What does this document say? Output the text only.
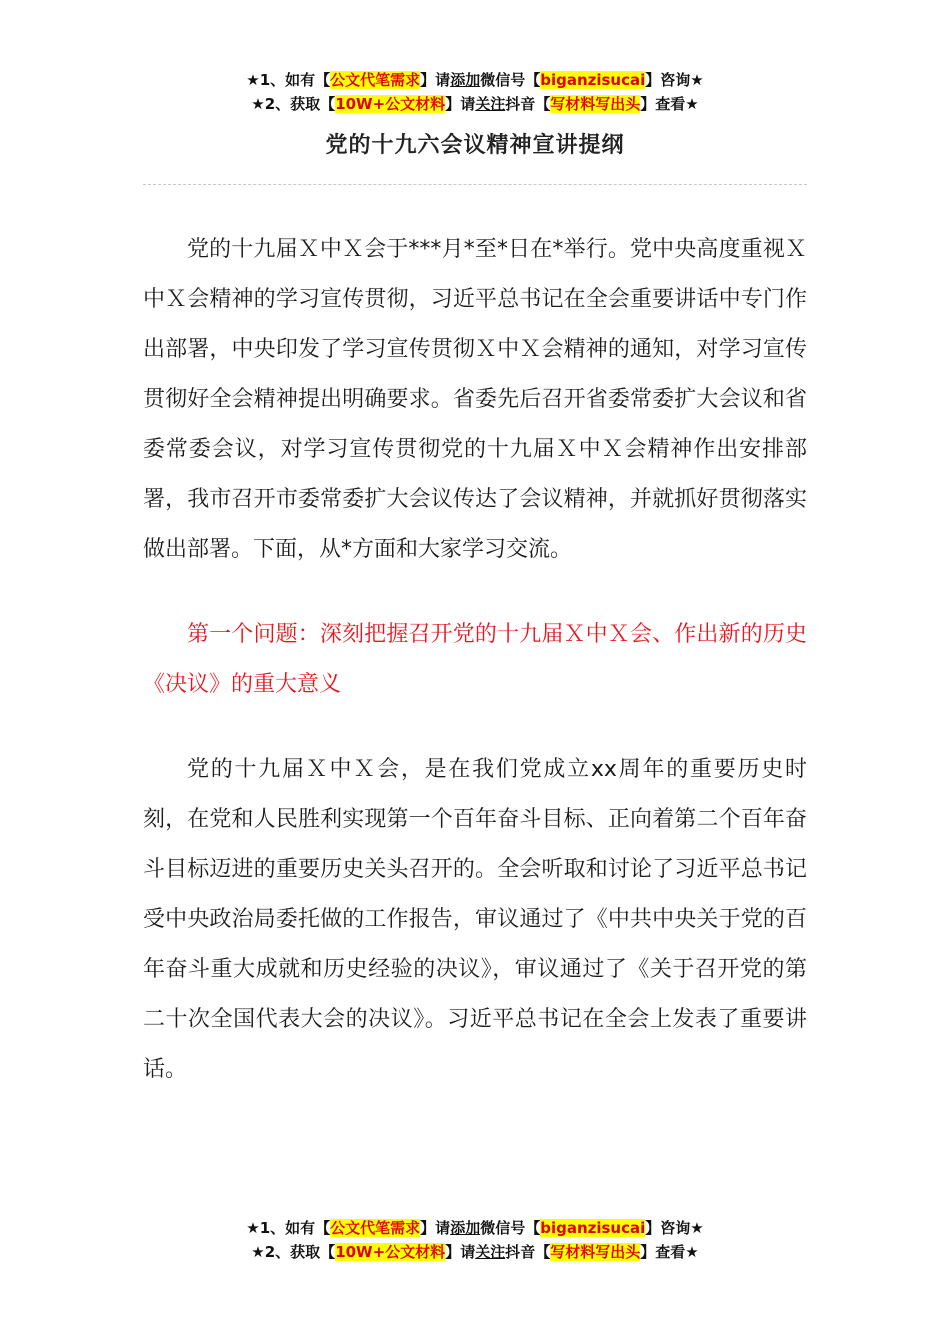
★1、如有【公文代笔需求】请添加微信号【biganzisucai】咨询★
★2、获取【10W+公文材料】请关注抖音【写材料写出头】查看★
党的十九六会议精神宣讲提纲

党的十九届Ｘ中Ｘ会于***月*至*日在*举行。党中央高度重视Ｘ中Ｘ会精神的学习宣传贯彻，习近平总书记在全会重要讲话中专门作出部署，中央印发了学习宣传贯彻Ｘ中Ｘ会精神的通知，对学习宣传贯彻好全会精神提出明确要求。省委先后召开省委常委扩大会议和省委常委会议，对学习宣传贯彻党的十九届Ｘ中Ｘ会精神作出安排部署，我市召开市委常委扩大会议传达了会议精神，并就抓好贯彻落实做出部署。下面，从*方面和大家学习交流。

第一个问题：深刻把握召开党的十九届Ｘ中Ｘ会、作出新的历史《决议》的重大意义

党的十九届Ｘ中Ｘ会，是在我们党成立xx周年的重要历史时刻，在党和人民胜利实现第一个百年奋斗目标、正向着第二个百年奋斗目标迈进的重要历史关头召开的。全会听取和讨论了习近平总书记受中央政治局委托做的工作报告，审议通过了《中共中央关于党的百年奋斗重大成就和历史经验的决议》，审议通过了《关于召开党的第二十次全国代表大会的决议》。习近平总书记在全会上发表了重要讲话。

★1、如有【公文代笔需求】请添加微信号【biganzisucai】咨询★
★2、获取【10W+公文材料】请关注抖音【写材料写出头】查看★
